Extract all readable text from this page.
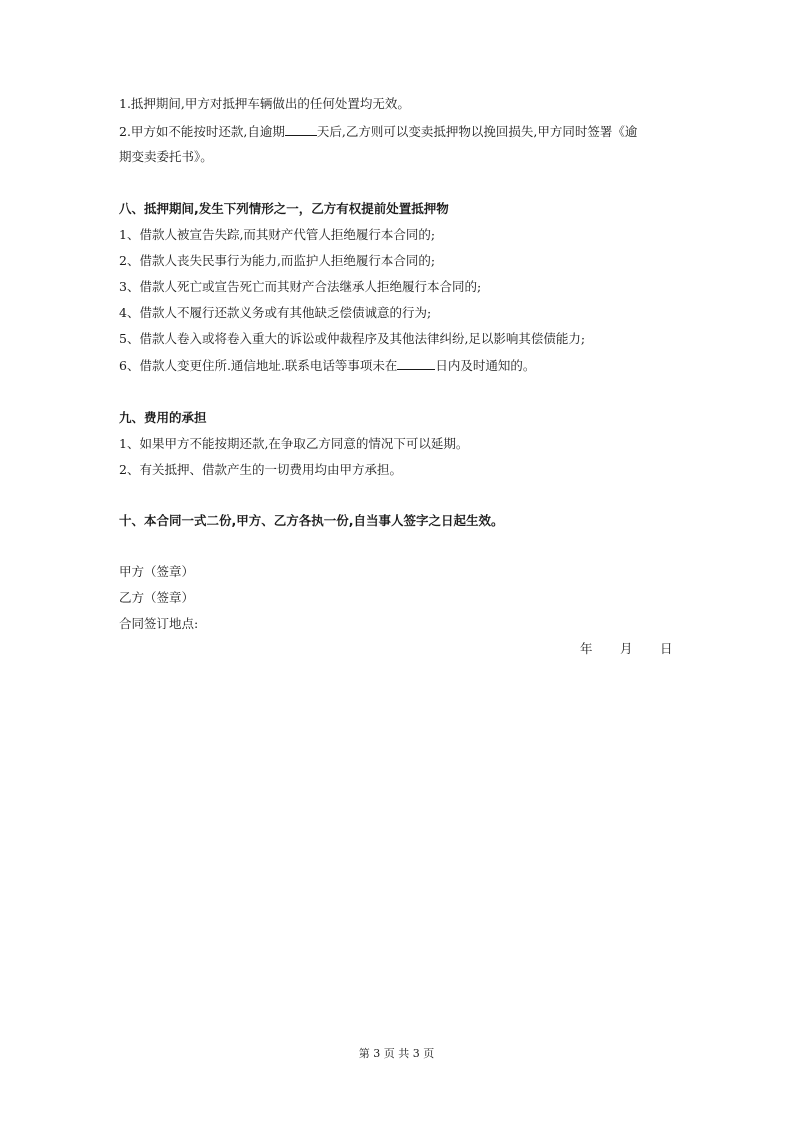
1.抵押期间,甲方对抵押车辆做出的任何处置均无效。
2.甲方如不能按时还款,自逾期	天后,乙方则可以变卖抵押物以挽回损失,甲方同时签署《逾
期变卖委托书》。
八、抵押期间,发生下列情形之一，乙方有权提前处置抵押物
1、借款人被宣告失踪,而其财产代管人拒绝履行本合同的;
2、借款人丧失民事行为能力,而监护人拒绝履行本合同的;
3、借款人死亡或宣告死亡而其财产合法继承人拒绝履行本合同的;
4、借款人不履行还款义务或有其他缺乏偿债诚意的行为;
5、借款人卷入或将卷入重大的诉讼或仲裁程序及其他法律纠纷,足以影响其偿债能力;
6、借款人变更住所.通信地址.联系电话等事项未在	日内及时通知的。
九、费用的承担
1、如果甲方不能按期还款,在争取乙方同意的情况下可以延期。
2、有关抵押、借款产生的一切费用均由甲方承担。
十、本合同一式二份,甲方、乙方各执一份,自当事人签字之日起生效。
甲方（签章）
乙方（签章）
合同签订地点:
年 月 日
第 3 页 共 3 页
